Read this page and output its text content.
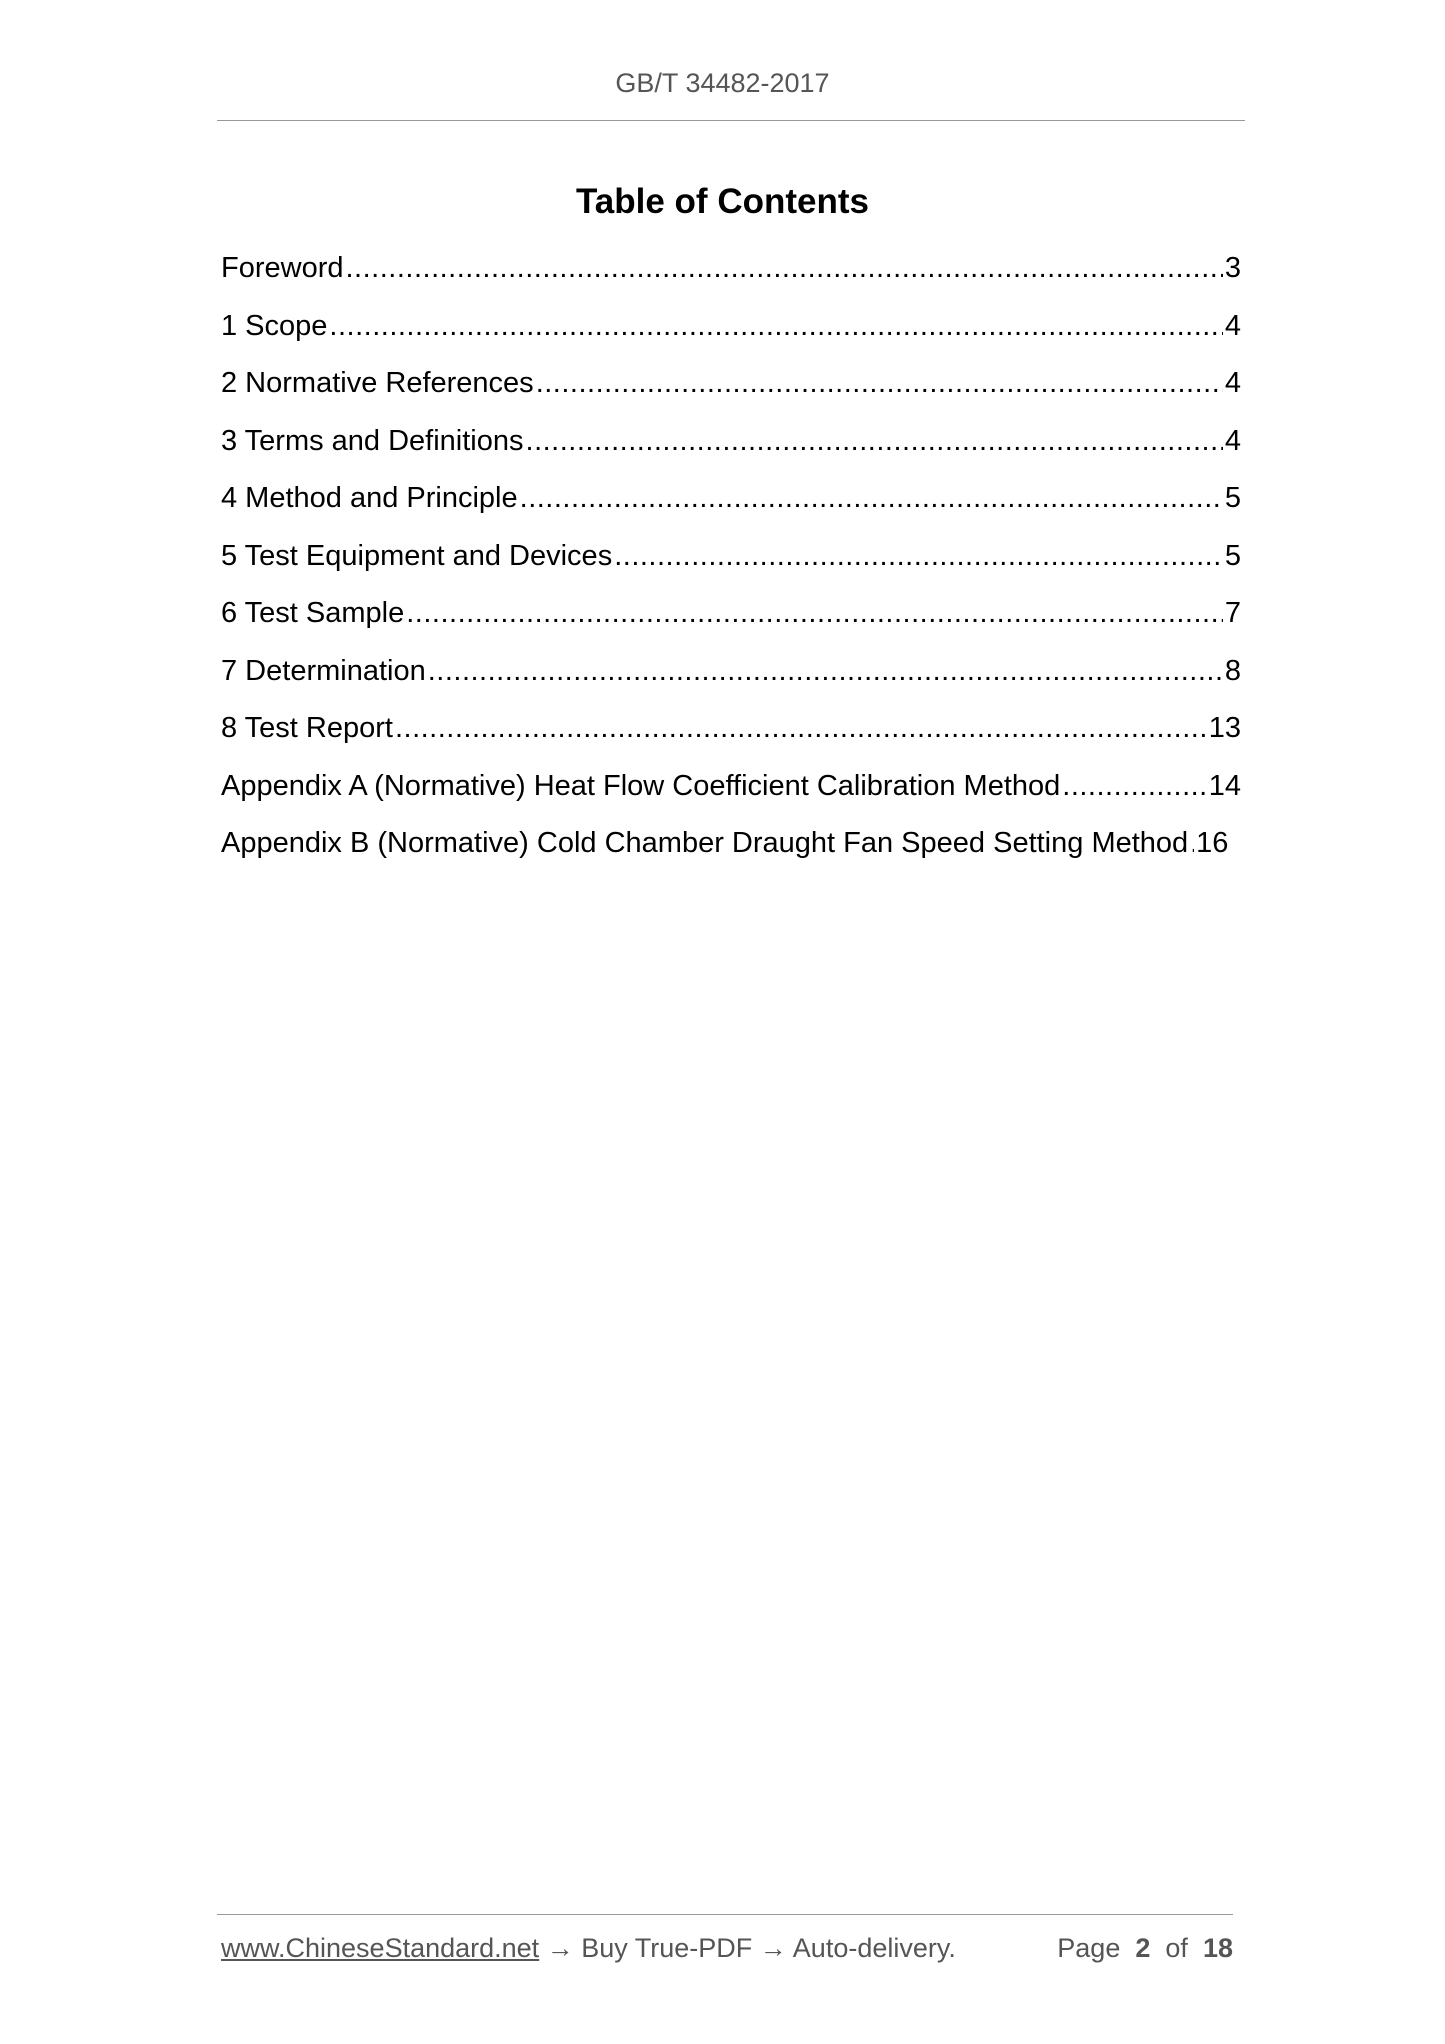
GB/T 34482-2017
Table of Contents
Foreword .....	3
1 Scope .....	4
2 Normative References .....	4
3 Terms and Definitions .....	4
4 Method and Principle .....	5
5 Test Equipment and Devices .....	5
6 Test Sample .....	7
7 Determination .....	8
8 Test Report .....	13
Appendix A (Normative) Heat Flow Coefficient Calibration Method .....	14
Appendix B (Normative) Cold Chamber Draught Fan Speed Setting Method ..... 16
www.ChineseStandard.net → Buy True-PDF → Auto-delivery.	Page 2 of 18
